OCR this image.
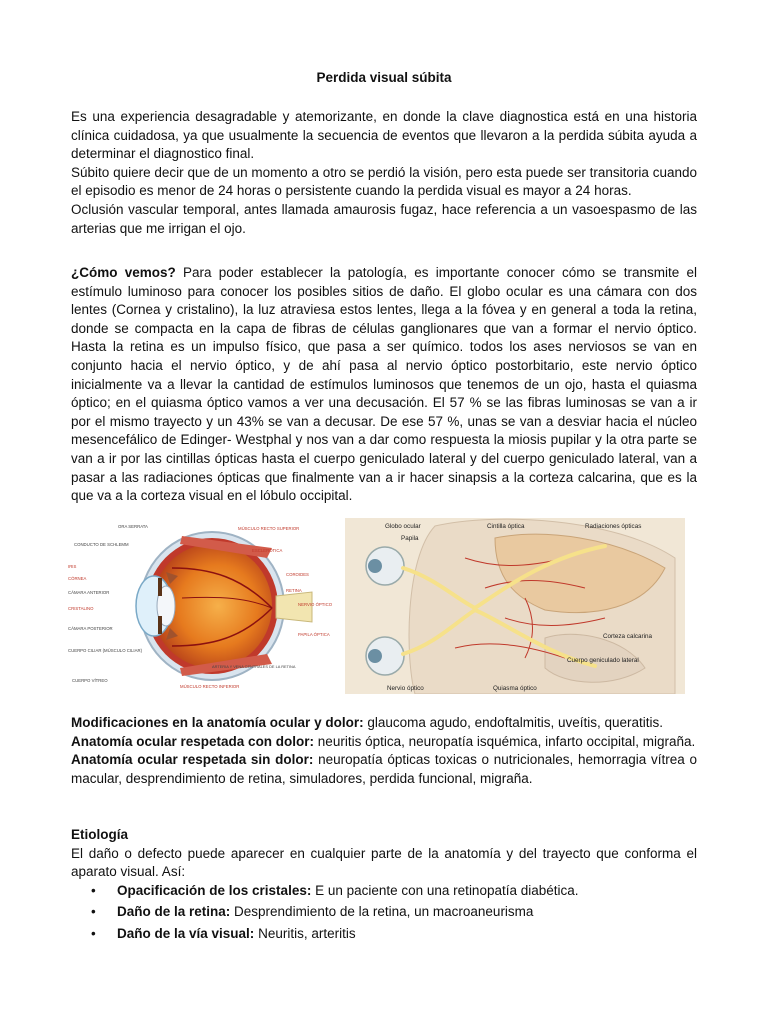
Perdida visual súbita

Es una experiencia desagradable y atemorizante, en donde la clave diagnostica está en una historia clínica cuidadosa, ya que usualmente la secuencia de eventos que llevaron a la perdida súbita ayuda a determinar el diagnostico final.

Súbito quiere decir que de un momento a otro se perdió la visión, pero esta puede ser transitoria cuando el episodio es menor de 24 horas o persistente cuando la perdida visual es mayor a 24 horas.

Oclusión vascular temporal, antes llamada amaurosis fugaz, hace referencia a un vasoespasmo de las arterias que me irrigan el ojo.

¿Cómo vemos? Para poder establecer la patología, es importante conocer cómo se transmite el estímulo luminoso para conocer los posibles sitios de daño. El globo ocular es una cámara con dos lentes (Cornea y cristalino), la luz atraviesa estos lentes, llega a la fóvea y en general a toda la retina, donde se compacta en la capa de fibras de células ganglionares que van a formar el nervio óptico. Hasta la retina es un impulso físico, que pasa a ser químico. todos los ases nerviosos se van en conjunto hacia el nervio óptico, y de ahí pasa al nervio óptico postorbitario, este nervio óptico inicialmente va a llevar la cantidad de estímulos luminosos que tenemos de un ojo, hasta el quiasma óptico; en el quiasma óptico vamos a ver una decusación. El 57 % se las fibras luminosas se van a ir por el mismo trayecto y un 43% se van a decusar. De ese 57 %, unas se van a desviar hacia el núcleo mesencefálico de Edinger- Westphal y nos van a dar como respuesta la miosis pupilar y la otra parte se van a ir por las cintillas ópticas hasta el cuerpo geniculado lateral y del cuerpo geniculado lateral, van a pasar a las radiaciones ópticas que finalmente van a ir hacer sinapsis a la corteza calcarina, que es la que va a la corteza visual en el lóbulo occipital.

ORA SERRATA
CONDUCTO DE SCHLEMM
IRIS
CÓRNEA
CÁMARA ANTERIOR
CRISTALINO
CÁMARA POSTERIOR
CUERPO CILIAR (MÚSCULO CILIAR)
CUERPO VÍTREO
MÚSCULO RECTO SUPERIOR
ESCLERÓTICA
COROIDES
RETINA
NERVIO ÓPTICO
PAPILA ÓPTICA
ARTERIA Y VENA CENTRALES DE LA RETINA
MÚSCULO RECTO INFERIOR
Globo ocular
Papila
Cintilla óptica	Radiaciones ópticas
Corteza calcarina
Cuerpo geniculado lateral
Nervio óptico	Quiasma óptico

Modificaciones en la anatomía ocular y dolor: glaucoma agudo, endoftalmitis, uveítis, queratitis.

Anatomía ocular respetada con dolor: neuritis óptica, neuropatía isquémica, infarto occipital, migraña.

Anatomía ocular respetada sin dolor: neuropatía ópticas toxicas o nutricionales, hemorragia vítrea o macular, desprendimiento de retina, simuladores, perdida funcional, migraña.

Etiología

El daño o defecto puede aparecer en cualquier parte de la anatomía y del trayecto que conforma el aparato visual. Así:

• Opacificación de los cristales: E un paciente con una retinopatía diabética.
• Daño de la retina: Desprendimiento de la retina, un macroaneurisma
• Daño de la vía visual: Neuritis, arteritis
